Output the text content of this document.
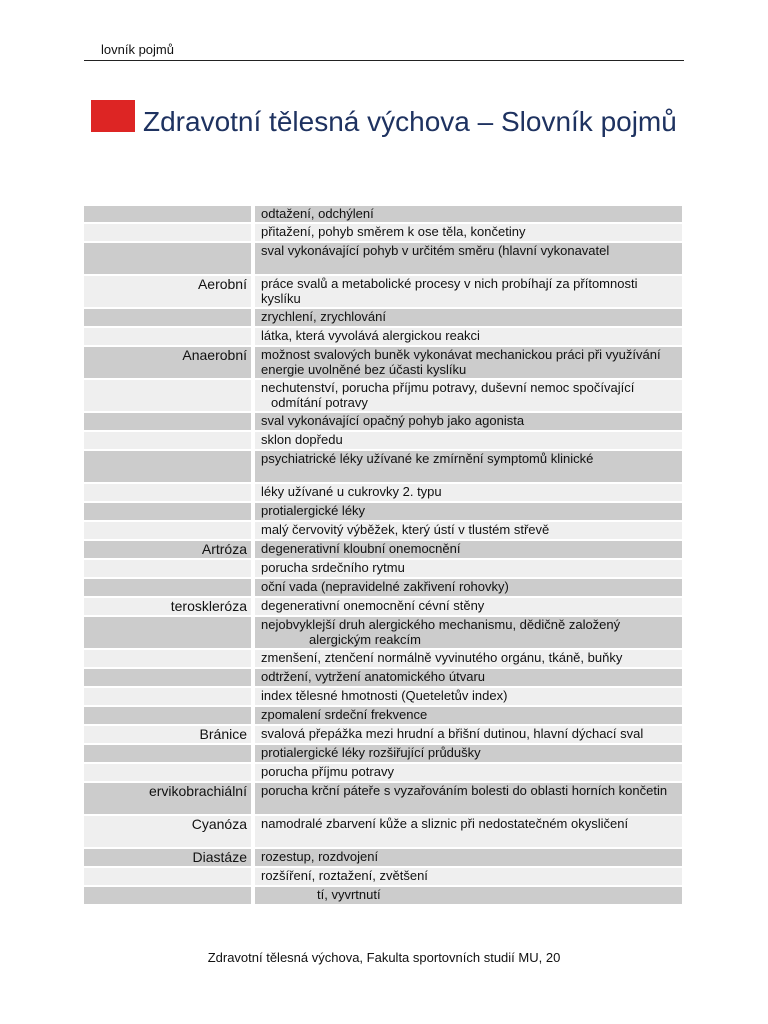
lovník pojmů
Zdravotní tělesná výchova – Slovník pojmů
		odtažení, odchýlení
		přitažení, pohyb směrem k ose těla, končetiny
		sval vykonávající pohyb v určitém směru (hlavní vykonavatel
Aerobní		práce svalů a metabolické procesy v nich probíhají za přítomnosti kyslíku
		zrychlení, zrychlování
		látka, která vyvolává alergickou reakci
Anaerobní		možnost svalových buněk vykonávat mechanickou práci při využívání energie uvolněné bez účasti kyslíku

		nechutenství, porucha příjmu potravy, duševní nemoc spočívající
odmítání potravy

		sval vykonávající opačný pohyb jako agonista
		sklon dopředu
		psychiatrické léky užívané ke zmírnění symptomů klinické
		léky užívané u cukrovky 2. typu
		protialergické léky
		malý červovitý výběžek, který ústí v tlustém střevě
Artróza		degenerativní kloubní onemocnění
		porucha srdečního rytmu
		oční vada (nepravidelné zakřivení rohovky)
teroskleróza		degenerativní onemocnění cévní stěny

		nejobvyklejší druh alergického mechanismu, dědičně založený
alergickým reakcím

		zmenšení, ztenčení normálně vyvinutého orgánu, tkáně, buňky
		odtržení, vytržení anatomického útvaru
		index tělesné hmotnosti (Queteletův index)
		zpomalení srdeční frekvence
Bránice		svalová přepážka mezi hrudní a břišní dutinou, hlavní dýchací sval
		protialergické léky rozšiřující průdušky
		porucha příjmu potravy
ervikobrachiální		porucha krční páteře s vyzařováním bolesti do oblasti horních končetin
Cyanóza		namodralé zbarvení kůže a sliznic při nedostatečném okysličení
Diastáze		rozestup, rozdvojení
		rozšíření, roztažení, zvětšení

		tí, vyvrtnutí
Zdravotní tělesná výchova, Fakulta sportovních studií MU, 20
